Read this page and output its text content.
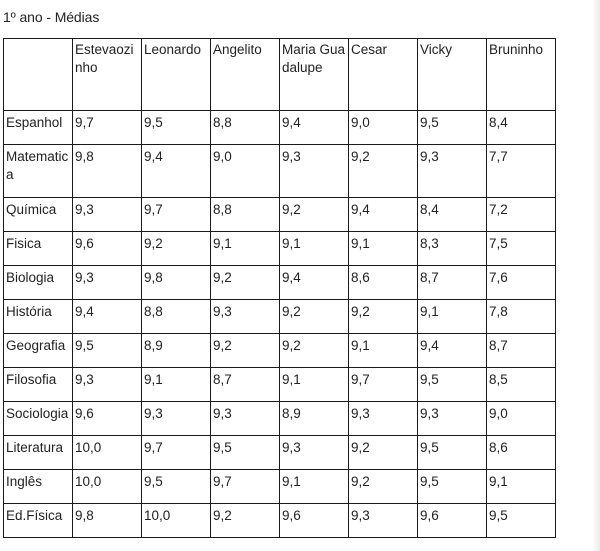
1º ano - Médias
	Estevaozinho	Leonardo	Angelito	Maria Guadalupe	Cesar	Vicky	Bruninho
Espanhol	9,7	9,5	8,8	9,4	9,0	9,5	8,4
Matematica	9,8	9,4	9,0	9,3	9,2	9,3	7,7
Química	9,3	9,7	8,8	9,2	9,4	8,4	7,2
Fisica	9,6	9,2	9,1	9,1	9,1	8,3	7,5
Biologia	9,3	9,8	9,2	9,4	8,6	8,7	7,6
História	9,4	8,8	9,3	9,2	9,2	9,1	7,8
Geografia	9,5	8,9	9,2	9,2	9,1	9,4	8,7
Filosofia	9,3	9,1	8,7	9,1	9,7	9,5	8,5
Sociologia	9,6	9,3	9,3	8,9	9,3	9,3	9,0
Literatura	10,0	9,7	9,5	9,3	9,2	9,5	8,6
Inglês	10,0	9,5	9,7	9,1	9,2	9,5	9,1
Ed.Física	9,8	10,0	9,2	9,6	9,3	9,6	9,5
